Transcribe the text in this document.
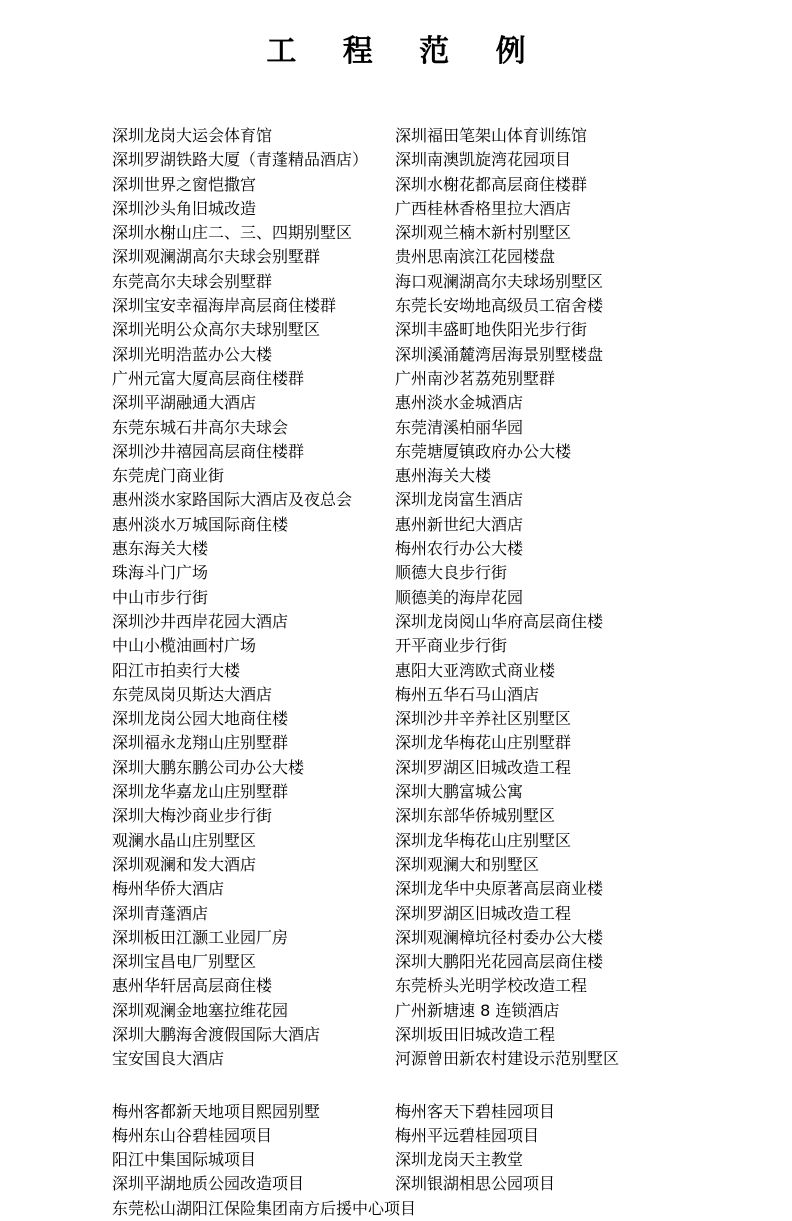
工 程 范 例
深圳龙岗大运会体育馆	深圳福田笔架山体育训练馆
深圳罗湖铁路大厦（青蓬精品酒店）	深圳南澳凯旋湾花园项目
深圳世界之窗恺撒宫	深圳水榭花都高层商住楼群
深圳沙头角旧城改造	广西桂林香格里拉大酒店
深圳水榭山庄二、三、四期别墅区	深圳观兰楠木新村别墅区
深圳观澜湖高尔夫球会别墅群	贵州思南滨江花园楼盘
东莞高尔夫球会别墅群	海口观澜湖高尔夫球场别墅区
深圳宝安幸福海岸高层商住楼群	东莞长安坳地高级员工宿舍楼
深圳光明公众高尔夫球别墅区	深圳丰盛町地佚阳光步行街
深圳光明浩蓝办公大楼	深圳溪涌麓湾居海景别墅楼盘
广州元富大厦高层商住楼群	广州南沙茗荔苑别墅群
深圳平湖融通大酒店	惠州淡水金城酒店
东莞东城石井高尔夫球会	东莞清溪柏丽华园
深圳沙井禧园高层商住楼群	东莞塘厦镇政府办公大楼
东莞虎门商业街	惠州海关大楼
惠州淡水家路国际大酒店及夜总会	深圳龙岗富生酒店
惠州淡水万城国际商住楼	惠州新世纪大酒店
惠东海关大楼	梅州农行办公大楼
珠海斗门广场	顺德大良步行街
中山市步行街	顺德美的海岸花园
深圳沙井西岸花园大酒店	深圳龙岗阅山华府高层商住楼
中山小榄油画村广场	开平商业步行街
阳江市拍卖行大楼	惠阳大亚湾欧式商业楼
东莞凤岗贝斯达大酒店	梅州五华石马山酒店
深圳龙岗公园大地商住楼	深圳沙井辛养社区别墅区
深圳福永龙翔山庄别墅群	深圳龙华梅花山庄别墅群
深圳大鹏东鹏公司办公大楼	深圳罗湖区旧城改造工程
深圳龙华嘉龙山庄别墅群	深圳大鹏富城公寓
深圳大梅沙商业步行街	深圳东部华侨城别墅区
观澜水晶山庄别墅区	深圳龙华梅花山庄别墅区
深圳观澜和发大酒店	深圳观澜大和别墅区
梅州华侨大酒店	深圳龙华中央原著高层商业楼
深圳青蓬酒店	深圳罗湖区旧城改造工程
深圳板田江灏工业园厂房	深圳观澜樟坑径村委办公大楼
深圳宝昌电厂别墅区	深圳大鹏阳光花园高层商住楼
惠州华轩居高层商住楼	东莞桥头光明学校改造工程
深圳观澜金地塞拉维花园	广州新塘速 8 连锁酒店
深圳大鹏海舍渡假国际大酒店	深圳坂田旧城改造工程
宝安国良大酒店	河源曾田新农村建设示范别墅区
梅州客都新天地项目熙园别墅	梅州客天下碧桂园项目
梅州东山谷碧桂园项目	梅州平远碧桂园项目
阳江中集国际城项目	深圳龙岗天主教堂
深圳平湖地质公园改造项目	深圳银湖相思公园项目
东莞松山湖阳江保险集团南方后援中心项目
